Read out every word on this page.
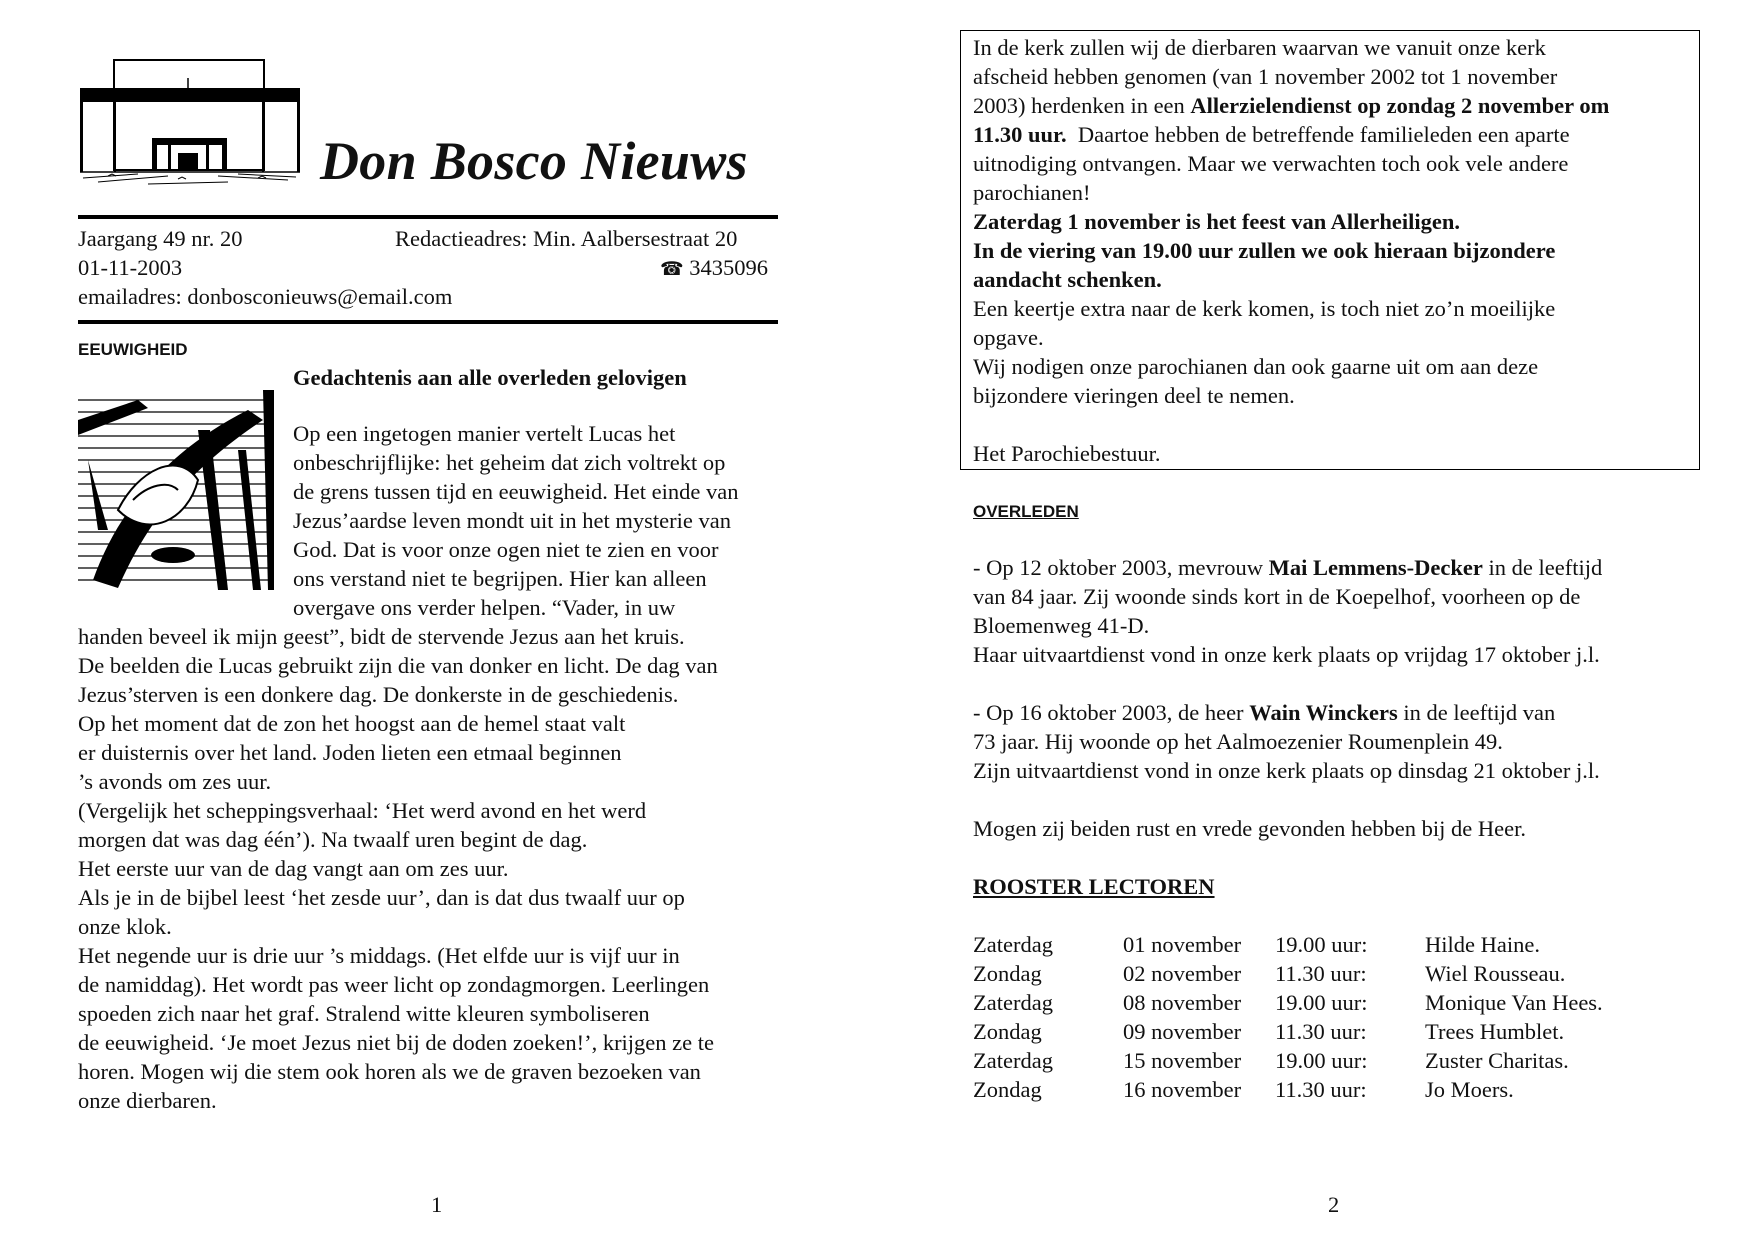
Don Bosco Nieuws
Jaargang 49 nr. 20	Redactieadres: Min. Aalbersestraat 20
01-11-2003	☎ 3435096
emailadres: donbosconieuws@email.com
EEUWIGHEID
Gedachtenis aan alle overleden gelovigen
Op een ingetogen manier vertelt Lucas het
onbeschrijflijke: het geheim dat zich voltrekt op
de grens tussen tijd en eeuwigheid. Het einde van
Jezus’aardse leven mondt uit in het mysterie van
God. Dat is voor onze ogen niet te zien en voor
ons verstand niet te begrijpen. Hier kan alleen
overgave ons verder helpen. “Vader, in uw
handen beveel ik mijn geest”, bidt de stervende Jezus aan het kruis.
De beelden die Lucas gebruikt zijn die van donker en licht. De dag van
Jezus’sterven is een donkere dag. De donkerste in de geschiedenis.
Op het moment dat de zon het hoogst aan de hemel staat valt
er duisternis over het land. Joden lieten een etmaal beginnen
’s avonds om zes uur.
(Vergelijk het scheppingsverhaal: ‘Het werd avond en het werd
morgen dat was dag één’). Na twaalf uren begint de dag.
Het eerste uur van de dag vangt aan om zes uur.
Als je in de bijbel leest ‘het zesde uur’, dan is dat dus twaalf uur op
onze klok.
Het negende uur is drie uur ’s middags. (Het elfde uur is vijf uur in
de namiddag). Het wordt pas weer licht op zondagmorgen. Leerlingen
spoeden zich naar het graf. Stralend witte kleuren symboliseren
de eeuwigheid. ‘Je moet Jezus niet bij de doden zoeken!’, krijgen ze te
horen. Mogen wij die stem ook horen als we de graven bezoeken van
onze dierbaren.
1
In de kerk zullen wij de dierbaren waarvan we vanuit onze kerk
afscheid hebben genomen (van 1 november 2002 tot 1 november
2003) herdenken in een Allerzielendienst op zondag 2 november om
11.30 uur.  Daartoe hebben de betreffende familieleden een aparte
uitnodiging ontvangen. Maar we verwachten toch ook vele andere
parochianen!
Zaterdag 1 november is het feest van Allerheiligen.
In de viering van 19.00 uur zullen we ook hieraan bijzondere
aandacht schenken.
Een keertje extra naar de kerk komen, is toch niet zo’n moeilijke
opgave.
Wij nodigen onze parochianen dan ook gaarne uit om aan deze
bijzondere vieringen deel te nemen.
Het Parochiebestuur.
OVERLEDEN
- Op 12 oktober 2003, mevrouw Mai Lemmens-Decker in de leeftijd
van 84 jaar. Zij woonde sinds kort in de Koepelhof, voorheen op de
Bloemenweg 41-D.
Haar uitvaartdienst vond in onze kerk plaats op vrijdag 17 oktober j.l.
- Op 16 oktober 2003, de heer Wain Winckers in de leeftijd van
73 jaar. Hij woonde op het Aalmoezenier Roumenplein 49.
Zijn uitvaartdienst vond in onze kerk plaats op dinsdag 21 oktober j.l.
Mogen zij beiden rust en vrede gevonden hebben bij de Heer.
ROOSTER LECTOREN
Zaterdag	01 november 19.00 uur:	Hilde Haine.
Zondag	02 november 11.30 uur:	Wiel Rousseau.
Zaterdag	08 november 19.00 uur:	Monique Van Hees.
Zondag	09 november 11.30 uur:	Trees Humblet.
Zaterdag	15 november 19.00 uur:	Zuster Charitas.
Zondag	16 november 11.30 uur:	Jo Moers.
2
